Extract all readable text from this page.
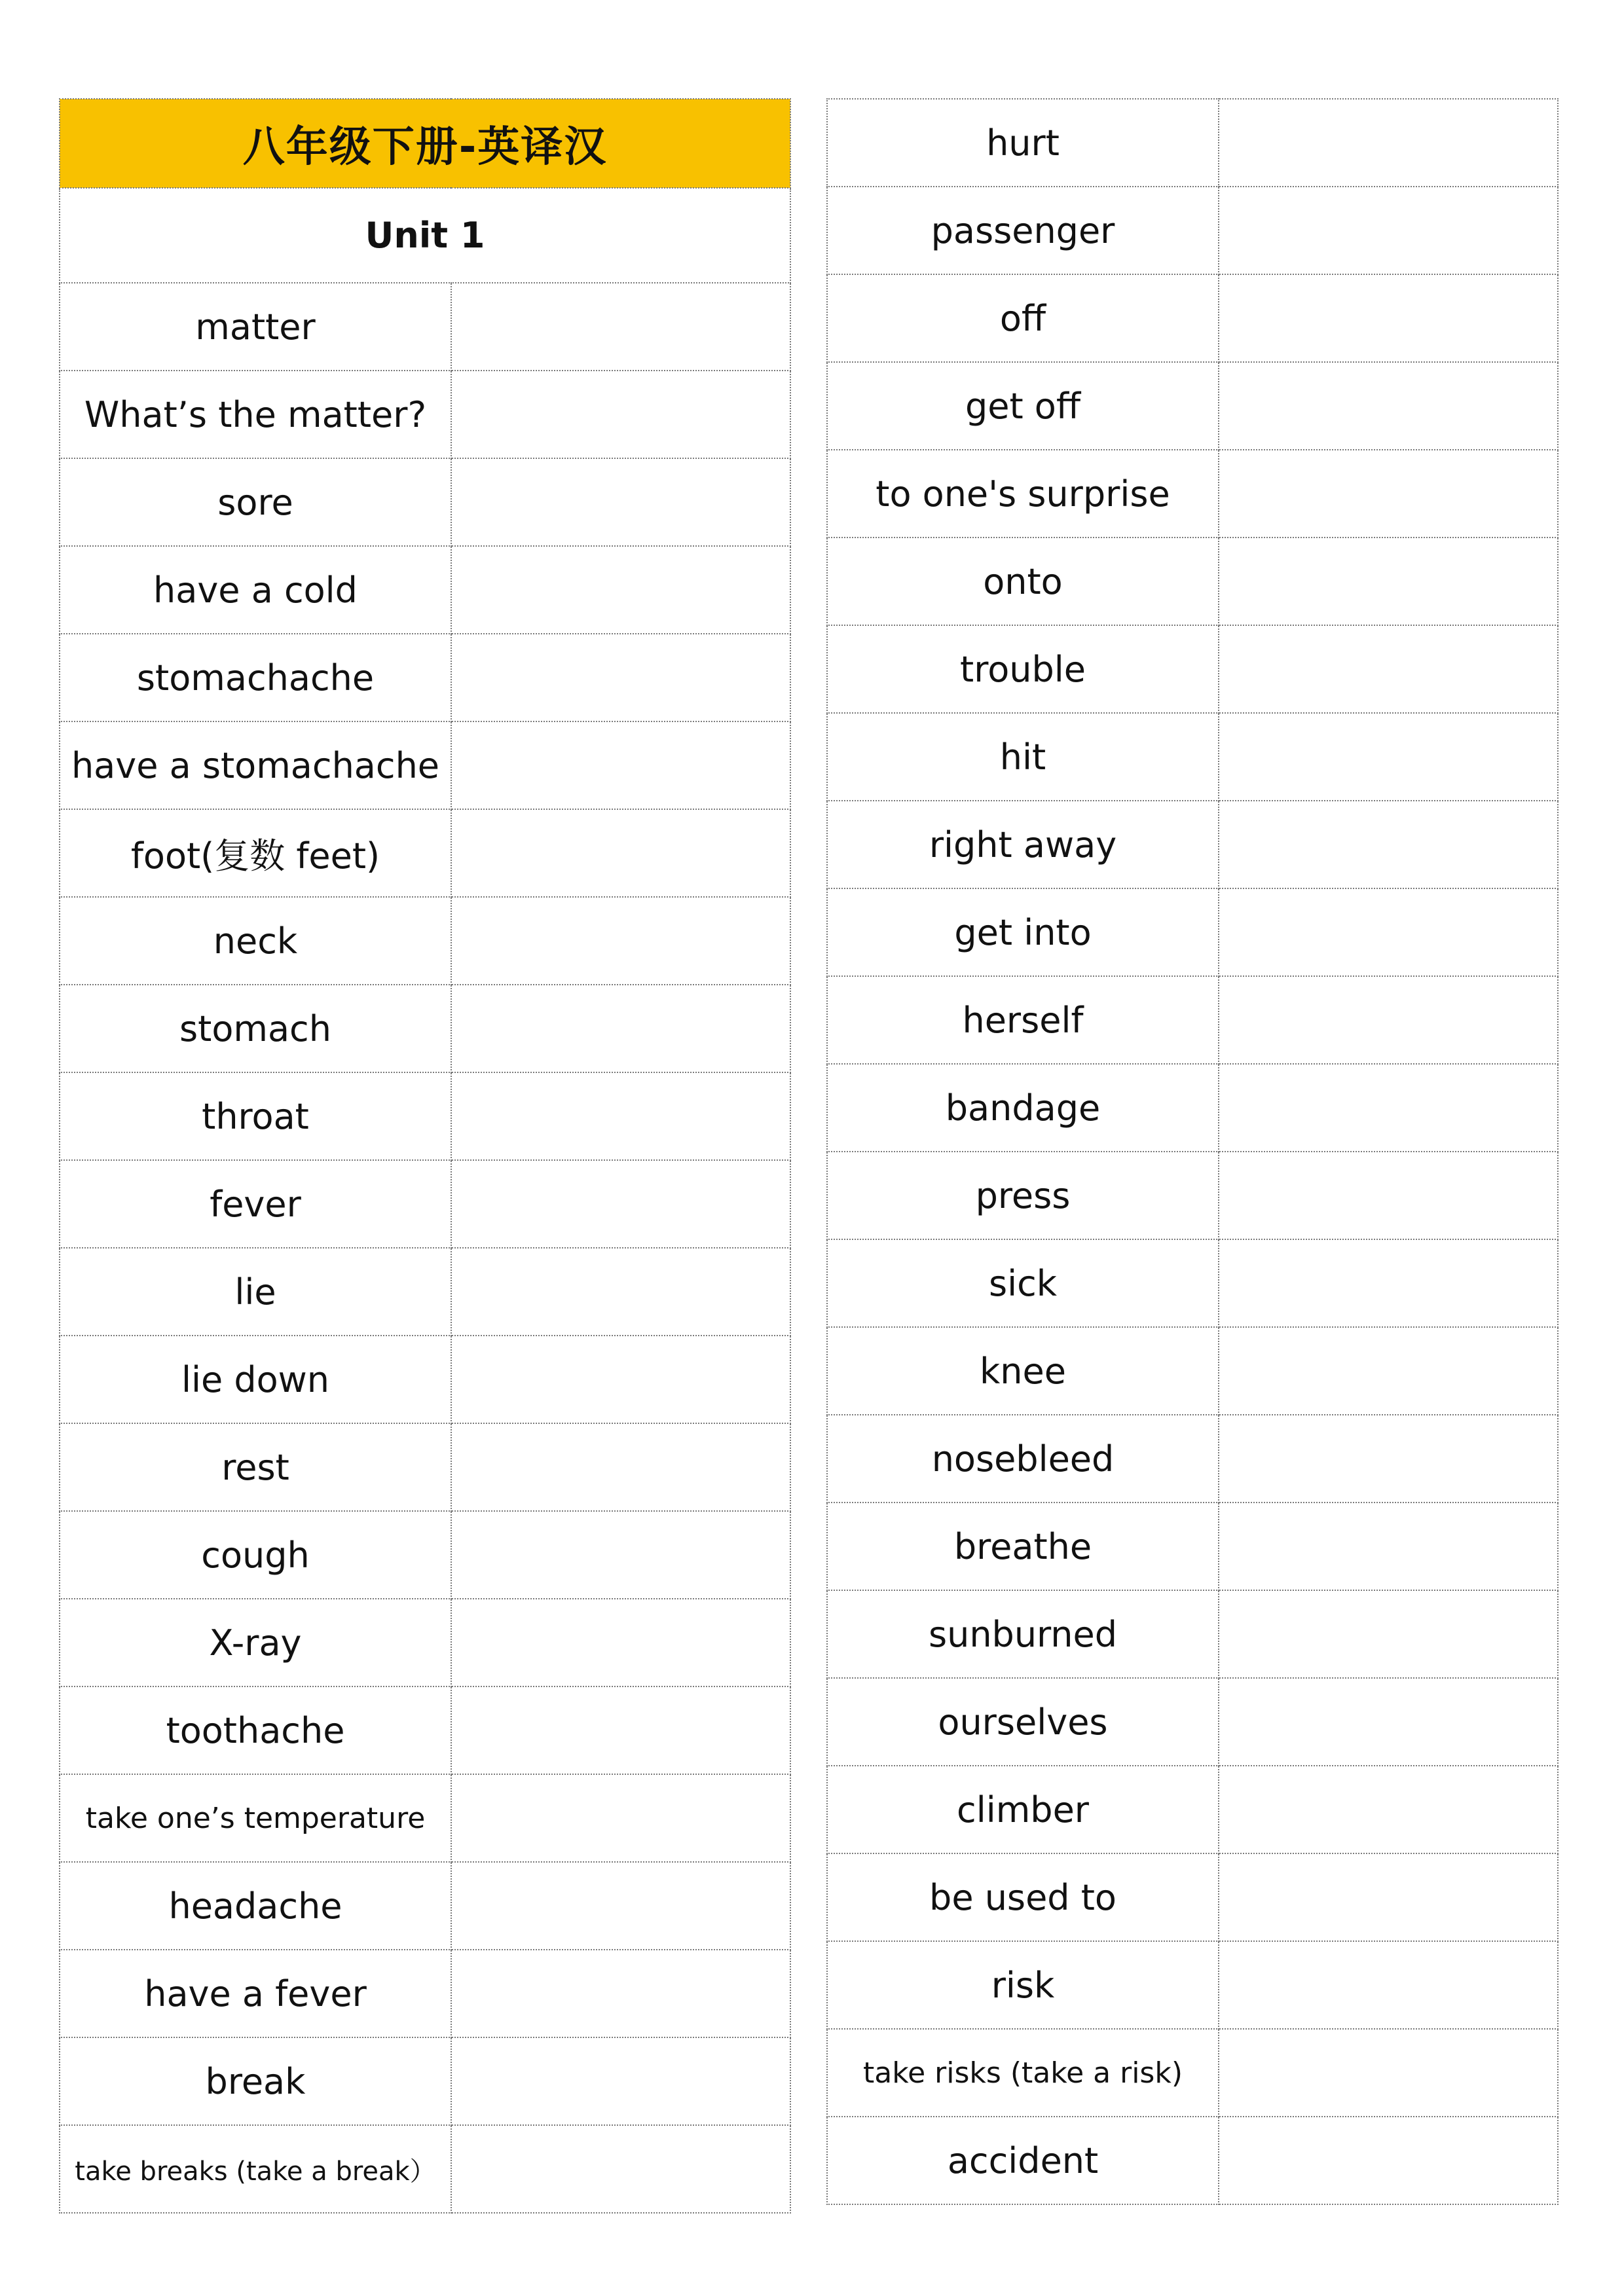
八年级下册-英译汉	
Unit 1	
matter	
What’s the matter?	
sore	
have a cold	
stomachache	
have a stomachache	
foot(复数 feet)	
neck	
stomach	
throat	
fever	
lie	
lie down	
rest	
cough	
X-ray	
toothache	
take one’s temperature	
headache	
have a fever	
break	
take breaks (take a break）	
hurt	
passenger	
off	
get off	
to one's surprise	
onto	
trouble	
hit	
right away	
get into	
herself	
bandage	
press	
sick	
knee	
nosebleed	
breathe	
sunburned	
ourselves	
climber	
be used to	
risk	
take risks (take a risk)	
accident	
